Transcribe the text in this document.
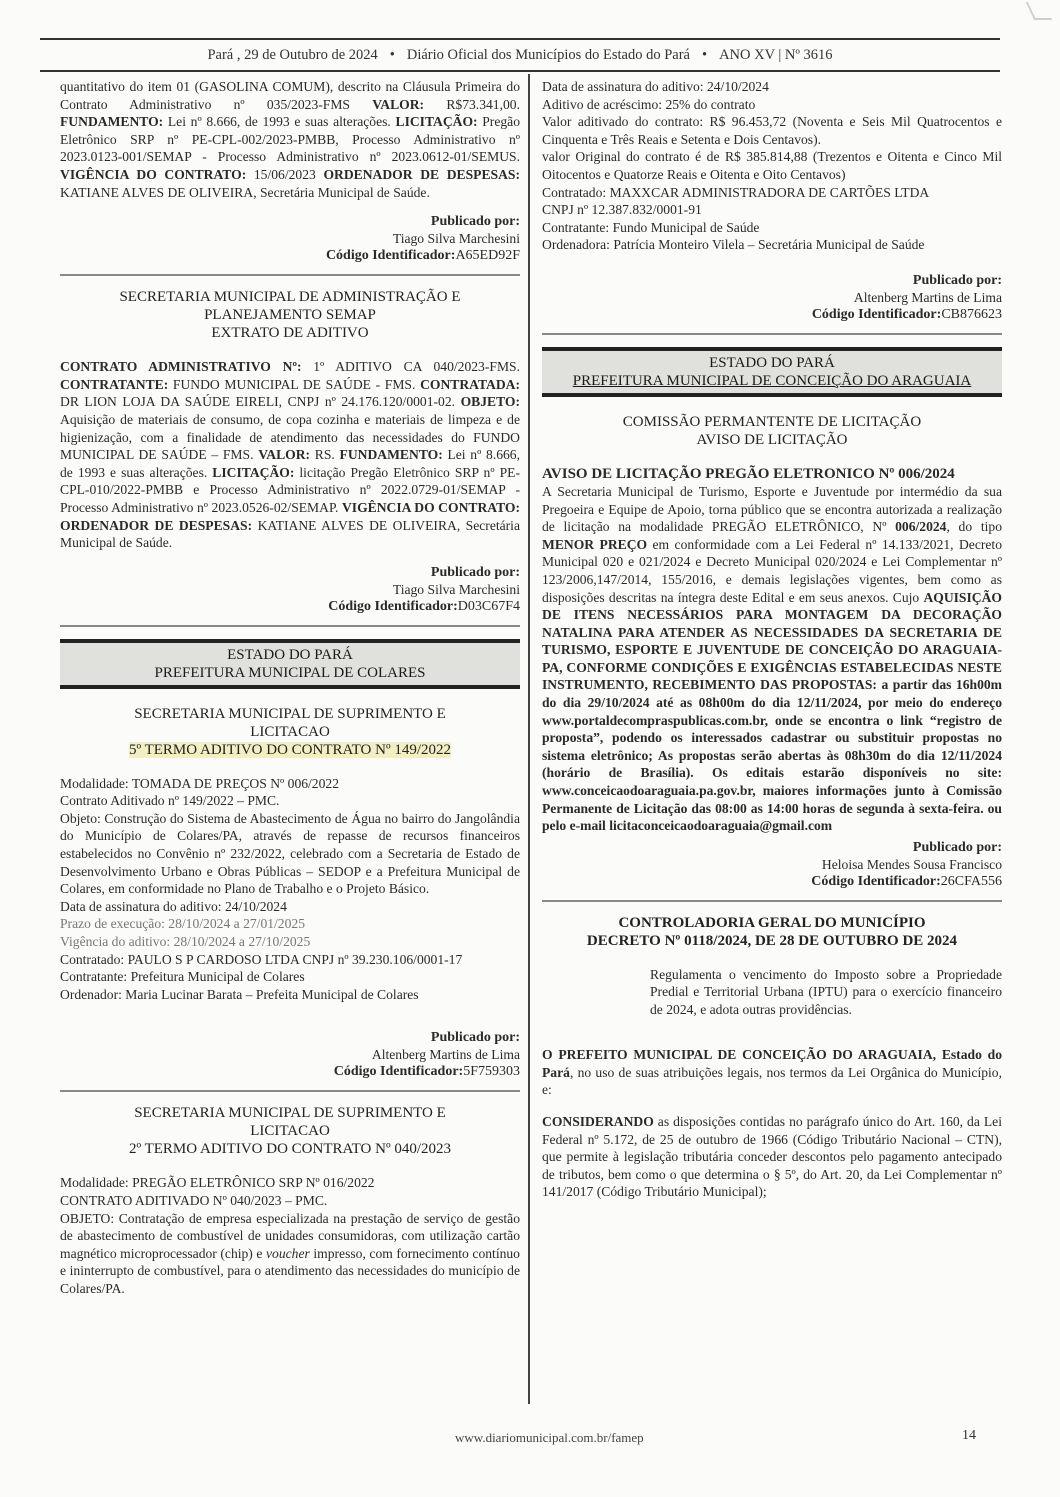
Pará , 29 de Outubro de 2024 • Diário Oficial dos Municípios do Estado do Pará • ANO XV | Nº 3616

quantitativo do item 01 (GASOLINA COMUM), descrito na Cláusula Primeira do Contrato Administrativo nº 035/2023-FMS VALOR: R$73.341,00. FUNDAMENTO: Lei nº 8.666, de 1993 e suas alterações. LICITAÇÃO: Pregão Eletrônico SRP nº PE-CPL-002/2023-PMBB, Processo Administrativo nº 2023.0123-001/SEMAP - Processo Administrativo nº 2023.0612-01/SEMUS. VIGÊNCIA DO CONTRATO: 15/06/2023 ORDENADOR DE DESPESAS: KATIANE ALVES DE OLIVEIRA, Secretária Municipal de Saúde.

Publicado por:
Tiago Silva Marchesini
Código Identificador:A65ED92F
SECRETARIA MUNICIPAL DE ADMINISTRAÇÃO E
PLANEJAMENTO SEMAP
EXTRATO DE ADITIVO

CONTRATO ADMINISTRATIVO Nº: 1º ADITIVO CA 040/2023-FMS. CONTRATANTE: FUNDO MUNICIPAL DE SAÚDE - FMS. CONTRATADA: DR LION LOJA DA SAÚDE EIRELI, CNPJ nº 24.176.120/0001-02. OBJETO: Aquisição de materiais de consumo, de copa cozinha e materiais de limpeza e de higienização, com a finalidade de atendimento das necessidades do FUNDO MUNICIPAL DE SAÚDE – FMS. VALOR: RS. FUNDAMENTO: Lei nº 8.666, de 1993 e suas alterações. LICITAÇÃO: licitação Pregão Eletrônico SRP nº PE-CPL-010/2022-PMBB e Processo Administrativo nº 2022.0729-01/SEMAP - Processo Administrativo nº 2023.0526-02/SEMAP. VIGÊNCIA DO CONTRATO: ORDENADOR DE DESPESAS: KATIANE ALVES DE OLIVEIRA, Secretária Municipal de Saúde.

Publicado por:
Tiago Silva Marchesini
Código Identificador:D03C67F4
ESTADO DO PARÁ
PREFEITURA MUNICIPAL DE COLARES
SECRETARIA MUNICIPAL DE SUPRIMENTO E
LICITACAO
5º TERMO ADITIVO DO CONTRATO Nº 149/2022

Modalidade: TOMADA DE PREÇOS Nº 006/2022

Contrato Aditivado nº 149/2022 – PMC.

Objeto: Construção do Sistema de Abastecimento de Água no bairro do Jangolândia do Município de Colares/PA, através de repasse de recursos financeiros estabelecidos no Convênio nº 232/2022, celebrado com a Secretaria de Estado de Desenvolvimento Urbano e Obras Públicas – SEDOP e a Prefeitura Municipal de Colares, em conformidade no Plano de Trabalho e o Projeto Básico.

Data de assinatura do aditivo: 24/10/2024

Prazo de execução: 28/10/2024 a 27/01/2025

Vigência do aditivo: 28/10/2024 a 27/10/2025

Contratado: PAULO S P CARDOSO LTDA CNPJ nº 39.230.106/0001-17

Contratante: Prefeitura Municipal de Colares

Ordenador: Maria Lucinar Barata – Prefeita Municipal de Colares

Publicado por:
Altenberg Martins de Lima
Código Identificador:5F759303
SECRETARIA MUNICIPAL DE SUPRIMENTO E
LICITACAO
2º TERMO ADITIVO DO CONTRATO Nº 040/2023

Modalidade: PREGÃO ELETRÔNICO SRP Nº 016/2022

CONTRATO ADITIVADO Nº 040/2023 – PMC.

OBJETO: Contratação de empresa especializada na prestação de serviço de gestão de abastecimento de combustível de unidades consumidoras, com utilização cartão magnético microprocessador (chip) e voucher impresso, com fornecimento contínuo e ininterrupto de combustível, para o atendimento das necessidades do município de Colares/PA.

Data de assinatura do aditivo: 24/10/2024

Aditivo de acréscimo: 25% do contrato

Valor aditivado do contrato: R$ 96.453,72 (Noventa e Seis Mil Quatrocentos e Cinquenta e Três Reais e Setenta e Dois Centavos).

valor Original do contrato é de R$ 385.814,88 (Trezentos e Oitenta e Cinco Mil Oitocentos e Quatorze Reais e Oitenta e Oito Centavos)

Contratado: MAXXCAR ADMINISTRADORA DE CARTÕES LTDA

CNPJ nº 12.387.832/0001-91

Contratante: Fundo Municipal de Saúde

Ordenadora: Patrícia Monteiro Vilela – Secretária Municipal de Saúde

Publicado por:
Altenberg Martins de Lima
Código Identificador:CB876623
ESTADO DO PARÁ
PREFEITURA MUNICIPAL DE CONCEIÇÃO DO ARAGUAIA
COMISSÃO PERMANTENTE DE LICITAÇÃO
AVISO DE LICITAÇÃO

AVISO DE LICITAÇÃO PREGÃO ELETRONICO Nº 006/2024

A Secretaria Municipal de Turismo, Esporte e Juventude por intermédio da sua Pregoeira e Equipe de Apoio, torna público que se encontra autorizada a realização de licitação na modalidade PREGÃO ELETRÔNICO, Nº 006/2024, do tipo MENOR PREÇO em conformidade com a Lei Federal nº 14.133/2021, Decreto Municipal 020 e 021/2024 e Decreto Municipal 020/2024 e Lei Complementar nº 123/2006,147/2014, 155/2016, e demais legislações vigentes, bem como as disposições descritas na íntegra deste Edital e em seus anexos. Cujo AQUISIÇÃO DE ITENS NECESSÁRIOS PARA MONTAGEM DA DECORAÇÃO NATALINA PARA ATENDER AS NECESSIDADES DA SECRETARIA DE TURISMO, ESPORTE E JUVENTUDE DE CONCEIÇÃO DO ARAGUAIA-PA, CONFORME CONDIÇÕES E EXIGÊNCIAS ESTABELECIDAS NESTE INSTRUMENTO, RECEBIMENTO DAS PROPOSTAS: a partir das 16h00m do dia 29/10/2024 até as 08h00m do dia 12/11/2024, por meio do endereço www.portaldecompraspublicas.com.br, onde se encontra o link “registro de proposta”, podendo os interessados cadastrar ou substituir propostas no sistema eletrônico; As propostas serão abertas às 08h30m do dia 12/11/2024 (horário de Brasília). Os editais estarão disponíveis no site: www.conceicaodoaraguaia.pa.gov.br, maiores informações junto à Comissão Permanente de Licitação das 08:00 as 14:00 horas de segunda à sexta-feira. ou pelo e-mail licitaconceicaodoaraguaia@gmail.com

Publicado por:
Heloisa Mendes Sousa Francisco
Código Identificador:26CFA556
CONTROLADORIA GERAL DO MUNICÍPIO
DECRETO Nº 0118/2024, DE 28 DE OUTUBRO DE 2024

Regulamenta o vencimento do Imposto sobre a Propriedade Predial e Territorial Urbana (IPTU) para o exercício financeiro de 2024, e adota outras providências.

O PREFEITO MUNICIPAL DE CONCEIÇÃO DO ARAGUAIA, Estado do Pará, no uso de suas atribuições legais, nos termos da Lei Orgânica do Município, e:

CONSIDERANDO as disposições contidas no parágrafo único do Art. 160, da Lei Federal nº 5.172, de 25 de outubro de 1966 (Código Tributário Nacional – CTN), que permite à legislação tributária conceder descontos pelo pagamento antecipado de tributos, bem como o que determina o § 5º, do Art. 20, da Lei Complementar nº 141/2017 (Código Tributário Municipal);

www.diariomunicipal.com.br/famep	14
